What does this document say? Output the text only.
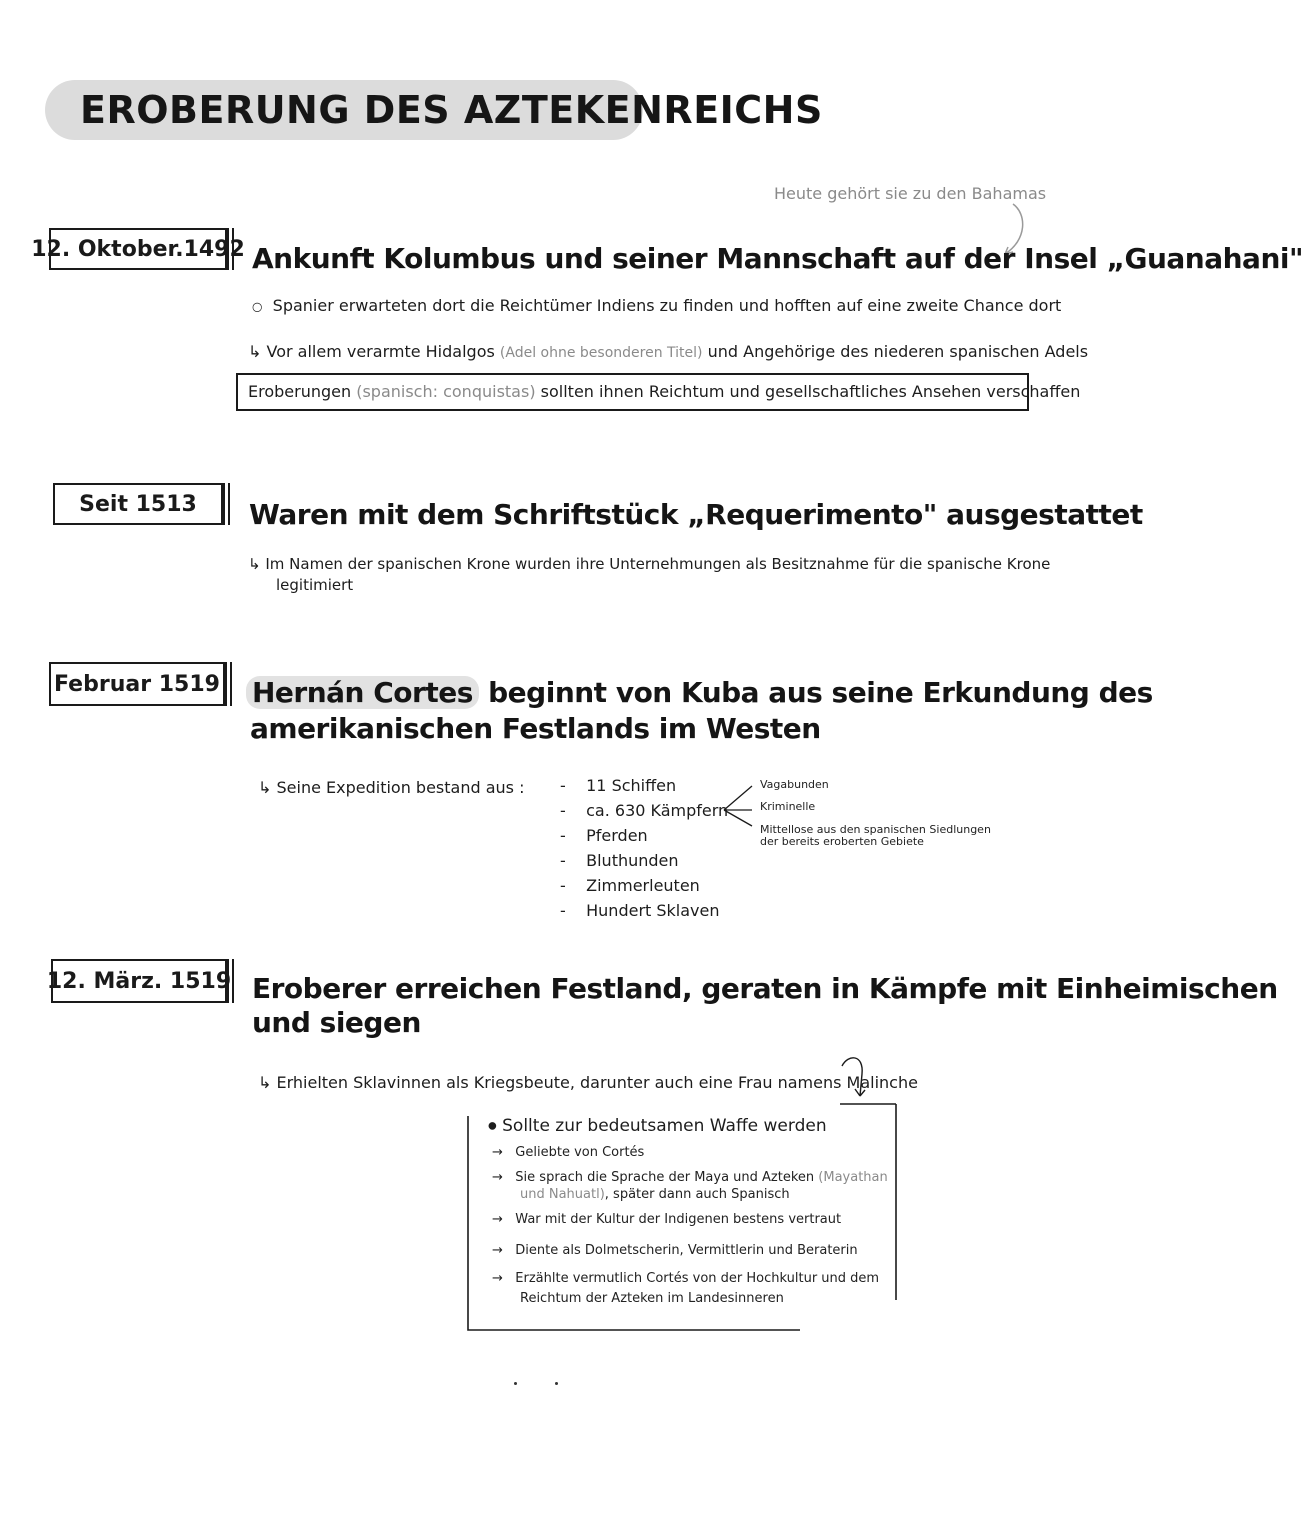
EROBERUNG DES AZTEKENREICHS
Heute gehört sie zu den Bahamas
12. Oktober.1492 Ankunft Kolumbus und seiner Mannschaft auf der Insel „Guanahani"
○ Spanier erwarteten dort die Reichtümer Indiens zu finden und hofften auf eine zweite Chance dort
↳ Vor allem verarmte Hidalgos (Adel ohne besonderen Titel) und Angehörige des niederen spanischen Adels
Eroberungen (spanisch: conquistas) sollten ihnen Reichtum und gesellschaftliches Ansehen verschaffen
Seit 1513 Waren mit dem Schriftstück „Requerimento" ausgestattet
↳ Im Namen der spanischen Krone wurden ihre Unternehmungen als Besitznahme für die spanische Krone
legitimiert
Februar 1519 Hernán Cortes beginnt von Kuba aus seine Erkundung des
amerikanischen Festlands im Westen
↳ Seine Expedition bestand aus : -    11 Schiffen
-    ca. 630 Kämpfern
-    Pferden
-    Bluthunden
-    Zimmerleuten
-    Hundert Sklaven
Vagabunden
Kriminelle
Mittellose aus den spanischen Siedlungen der bereits eroberten Gebiete
12. März. 1519 Eroberer erreichen Festland, geraten in Kämpfe mit Einheimischen
und siegen
↳ Erhielten Sklavinnen als Kriegsbeute, darunter auch eine Frau namens Malinche
● Sollte zur bedeutsamen Waffe werden
→   Geliebte von Cortés
→   Sie sprach die Sprache der Maya und Azteken (Mayathan
und Nahuatl), später dann auch Spanisch
→   War mit der Kultur der Indigenen bestens vertraut
→   Diente als Dolmetscherin, Vermittlerin und Beraterin
→   Erzählte vermutlich Cortés von der Hochkultur und dem
Reichtum der Azteken im Landesinneren
